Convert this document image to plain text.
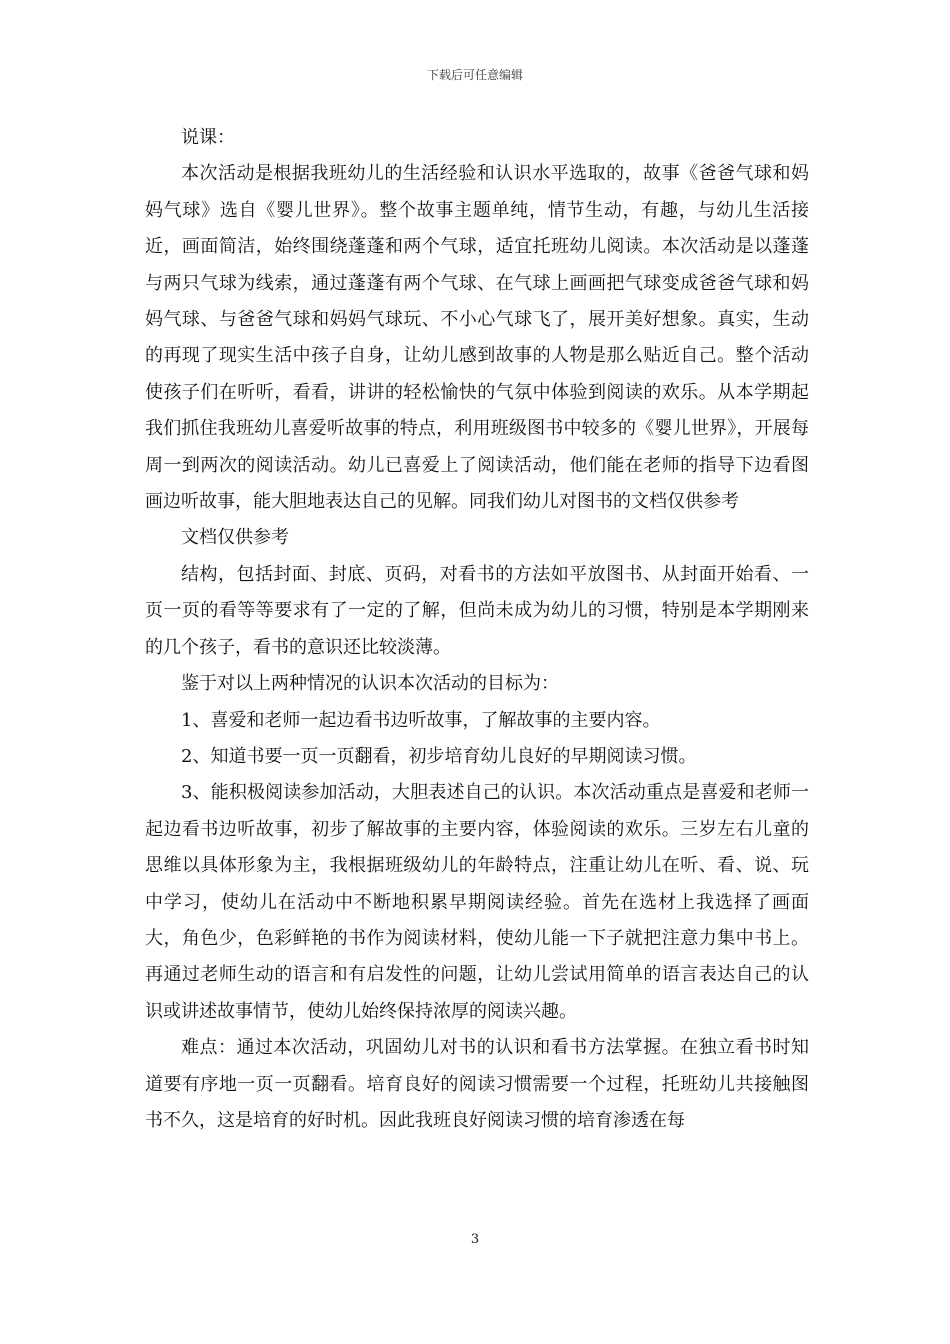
下载后可任意编辑

说课：

本次活动是根据我班幼儿的生活经验和认识水平选取的，故事《爸爸气球和妈妈气球》选自《婴儿世界》。整个故事主题单纯，情节生动，有趣，与幼儿生活接近，画面简洁，始终围绕蓬蓬和两个气球，适宜托班幼儿阅读。本次活动是以蓬蓬与两只气球为线索，通过蓬蓬有两个气球、在气球上画画把气球变成爸爸气球和妈妈气球、与爸爸气球和妈妈气球玩、不小心气球飞了，展开美好想象。真实，生动的再现了现实生活中孩子自身，让幼儿感到故事的人物是那么贴近自己。整个活动使孩子们在听听，看看，讲讲的轻松愉快的气氛中体验到阅读的欢乐。从本学期起我们抓住我班幼儿喜爱听故事的特点，利用班级图书中较多的《婴儿世界》，开展每周一到两次的阅读活动。幼儿已喜爱上了阅读活动，他们能在老师的指导下边看图画边听故事，能大胆地表达自己的见解。同我们幼儿对图书的文档仅供参考

文档仅供参考

结构，包括封面、封底、页码，对看书的方法如平放图书、从封面开始看、一页一页的看等等要求有了一定的了解，但尚未成为幼儿的习惯，特别是本学期刚来的几个孩子，看书的意识还比较淡薄。

鉴于对以上两种情况的认识本次活动的目标为：

1、喜爱和老师一起边看书边听故事，了解故事的主要内容。

2、知道书要一页一页翻看，初步培育幼儿良好的早期阅读习惯。

3、能积极阅读参加活动，大胆表述自己的认识。本次活动重点是喜爱和老师一起边看书边听故事，初步了解故事的主要内容，体验阅读的欢乐。三岁左右儿童的思维以具体形象为主，我根据班级幼儿的年龄特点，注重让幼儿在听、看、说、玩中学习，使幼儿在活动中不断地积累早期阅读经验。首先在选材上我选择了画面大，角色少，色彩鲜艳的书作为阅读材料，使幼儿能一下子就把注意力集中书上。再通过老师生动的语言和有启发性的问题，让幼儿尝试用简单的语言表达自己的认识或讲述故事情节，使幼儿始终保持浓厚的阅读兴趣。

难点：通过本次活动，巩固幼儿对书的认识和看书方法掌握。在独立看书时知道要有序地一页一页翻看。培育良好的阅读习惯需要一个过程，托班幼儿共接触图书不久，这是培育的好时机。因此我班良好阅读习惯的培育渗透在每

3
